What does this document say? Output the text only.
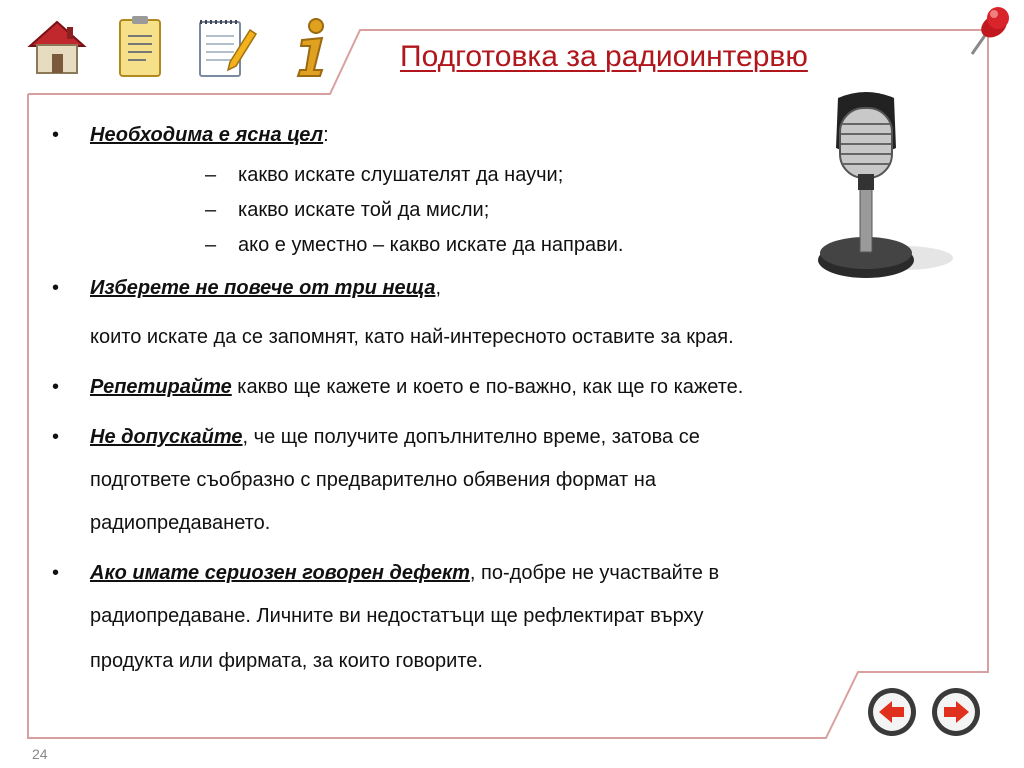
Подготовка за радиоинтервю
• Необходима е ясна цел:
– какво искате слушателят да научи;
– какво искате той да мисли;
– ако е уместно – какво искате да направи.
• Изберете не повече от три неща,
които искате да се запомнят, като най-интересното оставите за края.
• Репетирайте какво ще кажете и което е по-важно, как ще го кажете.
• Не допускайте, че ще получите допълнително време, затова се
подгответе съобразно с предварително обявения формат на
радиопредаването.
• Ако имате сериозен говорен дефект, по-добре не участвайте в
радиопредаване. Личните ви недостатъци ще рефлектират върху
продукта или фирмата, за които говорите.
24
